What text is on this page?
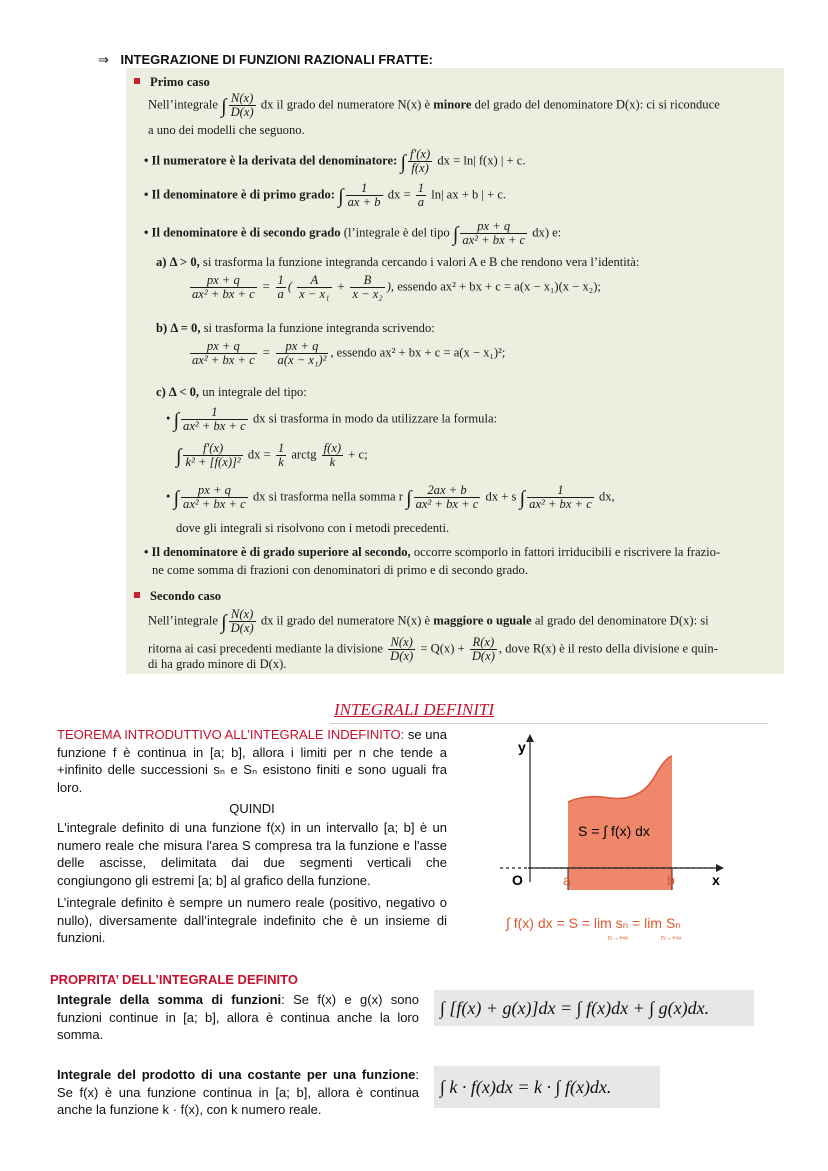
⇒ INTEGRAZIONE DI FUNZIONI RAZIONALI FRATTE:
Primo caso
Nell’integrale ∫ $\frac{N(x)}{D(x)}$ dx il grado del numeratore N(x) è minore del grado del denominatore D(x): ci si riconduce
a uno dei modelli che seguono.
• Il numeratore è la derivata del denominatore: ∫ $\frac{f'(x)}{f(x)}$ dx = ln| f(x) | + c.
• Il denominatore è di primo grado: ∫ $\frac{1}{ax + b}$ dx = $\frac{1}{a} \ln|$ ax + b | + c.
• Il denominatore è di secondo grado (l’integrale è del tipo ∫ $\frac{px + q}{\text{ax² + bx + c}} dx$) e:
a) Δ > 0, si trasforma la funzione integranda cercando i valori A e B che rendono vera l’identità:
$\frac{px + q}{\text{ax² + bx + c}} = \frac{1}{a}$ ( $\frac{A}{\text{x − x₁}} + \frac{B}{\text{x − x₂}}$ ), essendo ax² + bx + c = a(x − x₁)(x − x₂);
b) Δ = 0, si trasforma la funzione integranda scrivendo:
$\frac{px + q}{\text{ax² + bx + c}} = \frac{px + q}{\text{a(x − x₁)²}}$ , essendo ax² + bx + c = a(x − x₁)²;
c) Δ < 0, un integrale del tipo:
• ∫ $\frac{1}{\text{ax² + bx + c}}$ dx si trasforma in modo da utilizzare la formula:
∫ $\frac{f'(x)}{\text{k² + [f(x)]²}}$ dx = $\frac{1}{k}$ arctg $\frac{f(x)}{k} + c$;
• ∫ $\frac{px + q}{\text{ax² + bx + c}}$ dx si trasforma nella somma r ∫ $\frac{2ax + b}{\text{ax² + bx + c}}$ dx + s ∫ $\frac{1}{\text{ax² + bx + c}}$ dx,
dove gli integrali si risolvono con i metodi precedenti.
• Il denominatore è di grado superiore al secondo, occorre scomporlo in fattori irriducibili e riscrivere la frazio-
ne come somma di frazioni con denominatori di primo e di secondo grado.
Secondo caso
Nell’integrale ∫ $\frac{N(x)}{D(x)}$ dx il grado del numeratore N(x) è maggiore o uguale al grado del denominatore D(x): si
ritorna ai casi precedenti mediante la divisione $\frac{N(x)}{D(x)} = Q(x) + \frac{R(x)}{D(x)}$ , dove R(x) è il resto della divisione e quin-
di ha grado minore di D(x).
INTEGRALI DEFINITI
TEOREMA INTRODUTTIVO ALL’INTEGRALE INDEFINITO: se una funzione f è continua in [a; b], allora i limiti per n che tende a +infinito delle successioni sₙ e Sₙ esistono finiti e sono uguali fra loro.
QUINDI
L'integrale definito di una funzione f(x) in un intervallo [a; b] è un numero reale che misura l'area S compresa tra la funzione e l'asse delle ascisse, delimitata dai due segmenti verticali che congiungono gli estremi [a; b] al grafico della funzione.
L’integrale definito è sempre un numero reale (positivo, negativo o nullo), diversamente dall’integrale indefinito che è un insieme di funzioni.
y
x
O	a	b
S = ∫ f(x) dx
∫ f(x) dx = S = lim sₙ = lim Sₙ
n→+∞	n→+∞
PROPRITA’ DELL’INTEGRALE DEFINITO
Integrale della somma di funzioni: Se f(x) e g(x) sono funzioni continue in [a; b], allora è continua anche la loro somma.
∫ [f(x) + g(x)]dx = ∫ f(x)dx + ∫ g(x)dx.
Integrale del prodotto di una costante per una funzione: Se f(x) è una funzione continua in [a; b], allora è continua anche la funzione k · f(x), con k numero reale.
∫ k · f(x)dx = k · ∫ f(x)dx.
